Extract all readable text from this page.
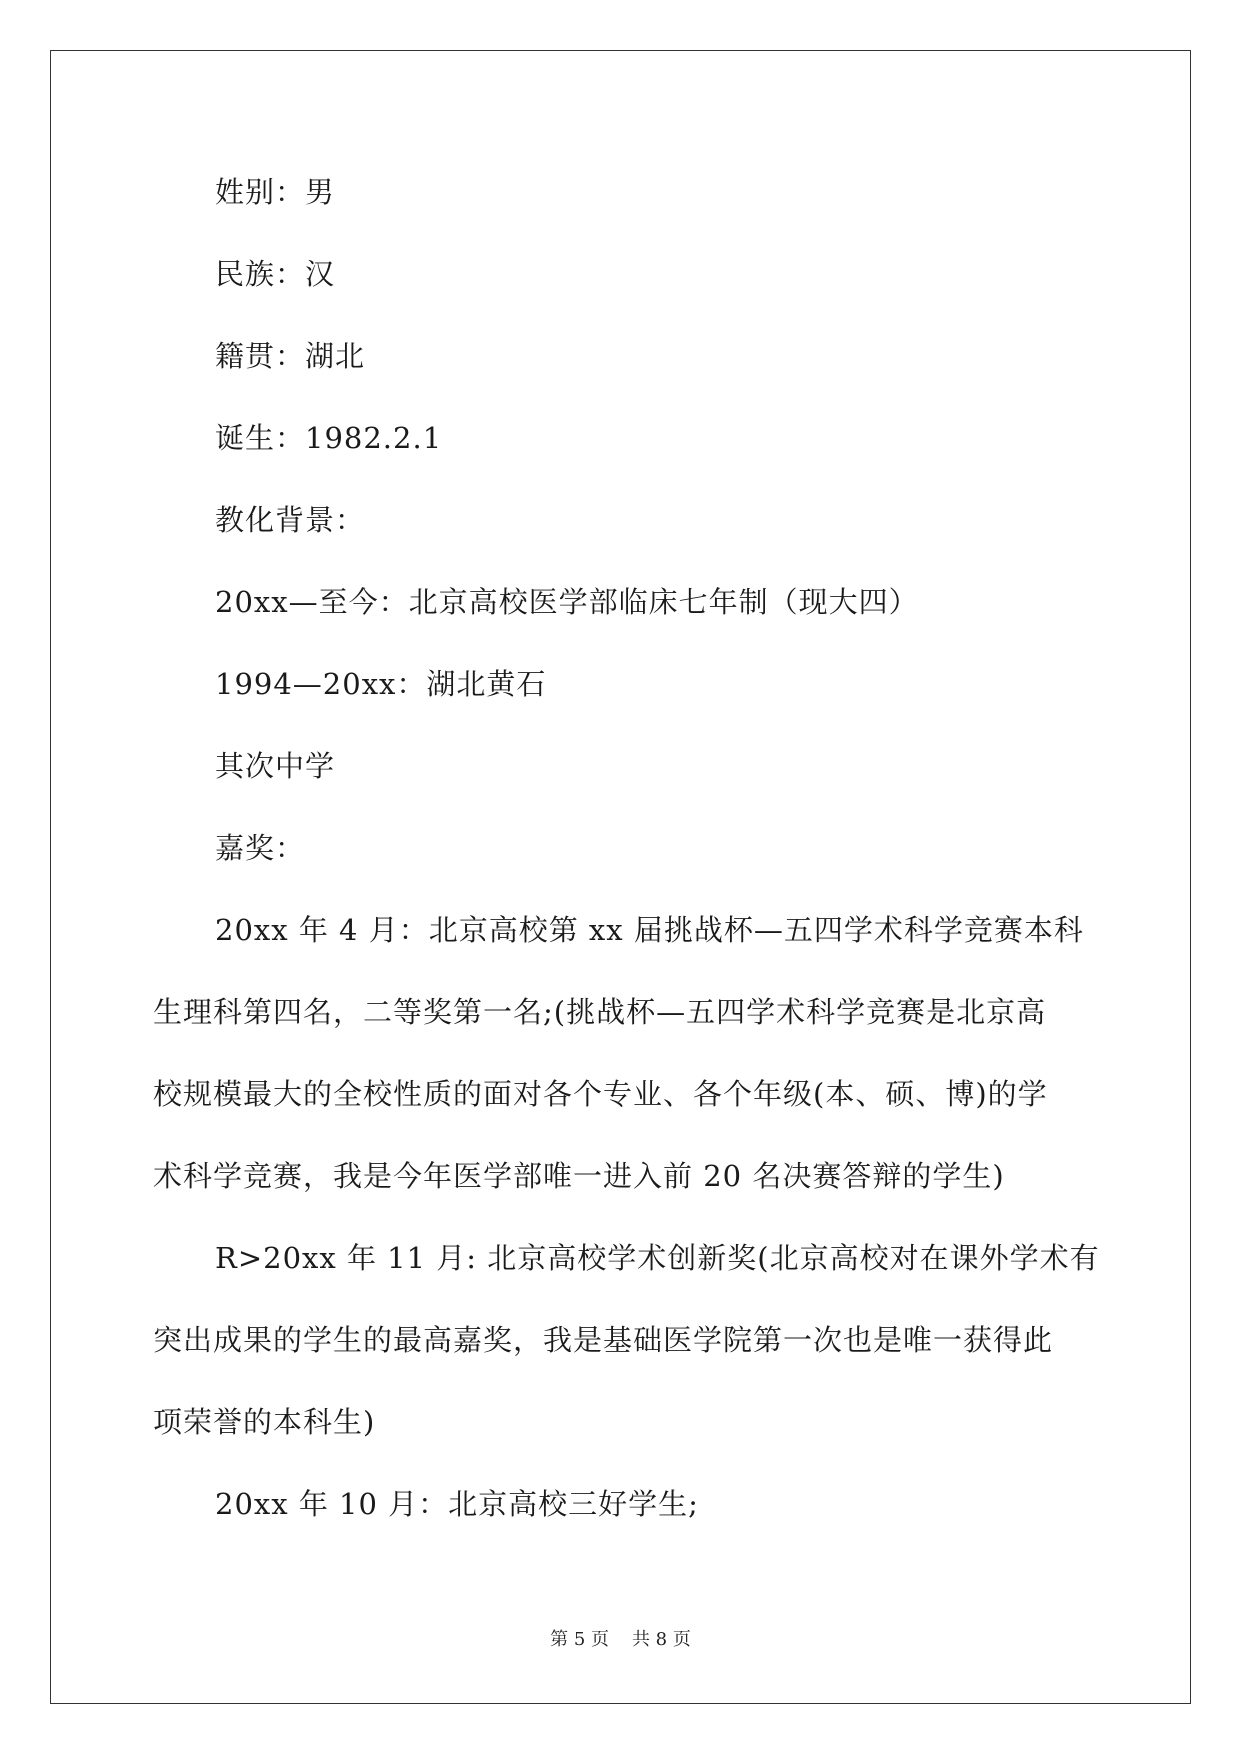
姓别：男
民族：汉
籍贯：湖北
诞生：1982.2.1
教化背景：
20xx—至今：北京高校医学部临床七年制（现大四）
1994—20xx：湖北黄石
其次中学
嘉奖：
20xx 年 4 月：北京高校第 xx 届挑战杯—五四学术科学竞赛本科
生理科第四名，二等奖第一名;(挑战杯—五四学术科学竞赛是北京高
校规模最大的全校性质的面对各个专业、各个年级(本、硕、博)的学
术科学竞赛，我是今年医学部唯一进入前 20 名决赛答辩的学生)
R>20xx 年 11 月: 北京高校学术创新奖(北京高校对在课外学术有
突出成果的学生的最高嘉奖，我是基础医学院第一次也是唯一获得此
项荣誉的本科生)
20xx 年 10 月：北京高校三好学生;
第 5 页 共 8 页
